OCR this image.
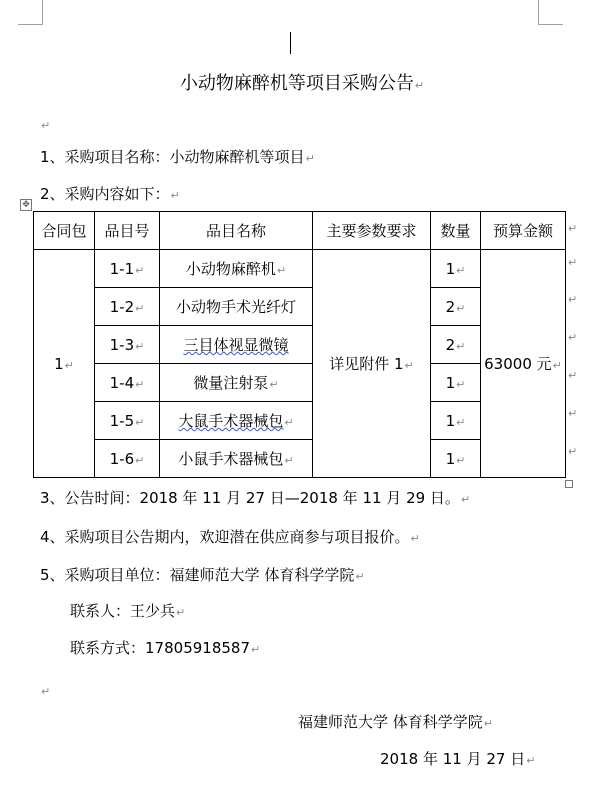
小动物麻醉机等项目采购公告↵
↵
1、采购项目名称：小动物麻醉机等项目↵
2、采购内容如下：↵
✥
合同包	品目号	品目名称	主要参数要求	数量	预算金额
1↵	1-1↵	小动物麻醉机↵	详见附件 1↵	1↵	63000 元↵
	1-2↵	小动物手术光纤灯		2↵	
	1-3↵	三目体视显微镜		2↵	
	1-4↵	微量注射泵↵		1↵	
	1-5↵	大鼠手术器械包↵		1↵	
	1-6↵	小鼠手术器械包↵		1↵	
↵
↵
↵
↵
↵
↵
↵
3、公告时间：2018 年 11 月 27 日—2018 年 11 月 29 日。↵
4、采购项目公告期内，欢迎潜在供应商参与项目报价。↵
5、采购项目单位：福建师范大学 体育科学学院↵
联系人：王少兵↵
联系方式：17805918587↵
↵
福建师范大学 体育科学学院↵
2018 年 11 月 27 日↵
